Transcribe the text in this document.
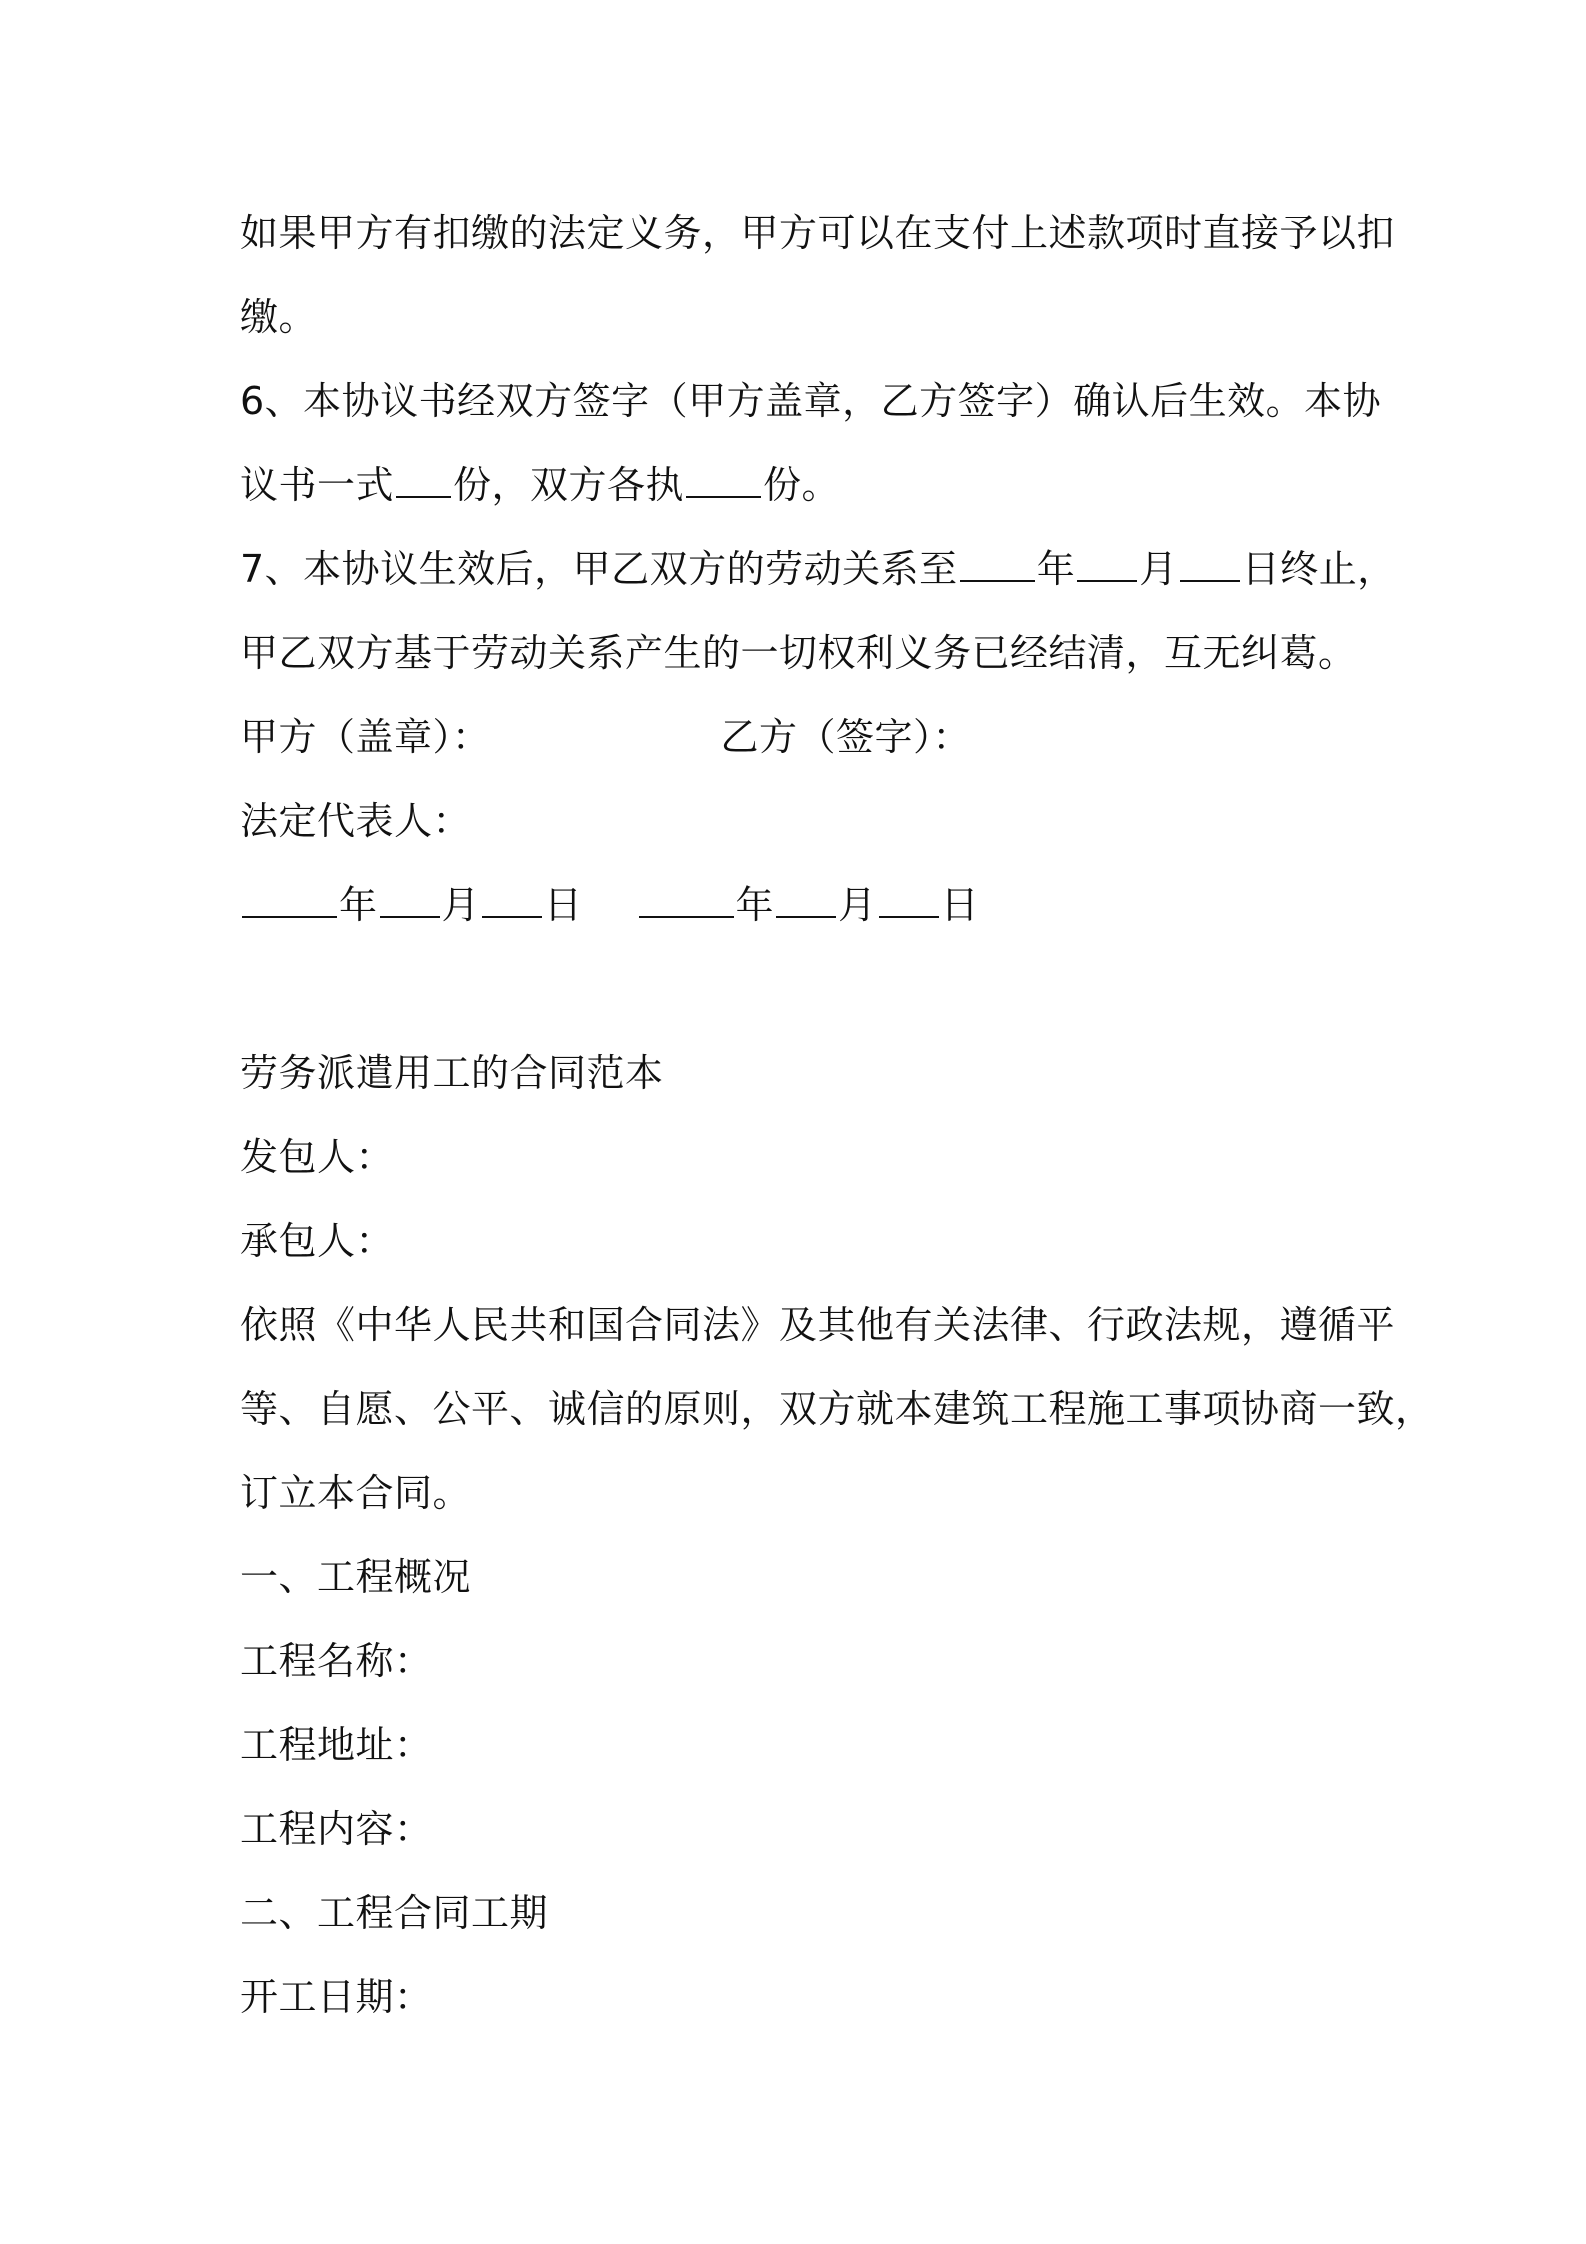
如果甲方有扣缴的法定义务，甲方可以在支付上述款项时直接予以扣
缴。
6、本协议书经双方签字（甲方盖章，乙方签字）确认后生效。本协
议书一式 份，双方各执 份。
7、本协议生效后，甲乙双方的劳动关系至 年 月 日终止，
甲乙双方基于劳动关系产生的一切权利义务已经结清，互无纠葛。
甲方（盖章）：	乙方（签字）：
法定代表人：
年 月 日	年 月 日
劳务派遣用工的合同范本
发包人：
承包人：
依照《中华人民共和国合同法》及其他有关法律、行政法规，遵循平
等、自愿、公平、诚信的原则，双方就本建筑工程施工事项协商一致，
订立本合同。
一、工程概况
工程名称：
工程地址：
工程内容：
二、工程合同工期
开工日期：
